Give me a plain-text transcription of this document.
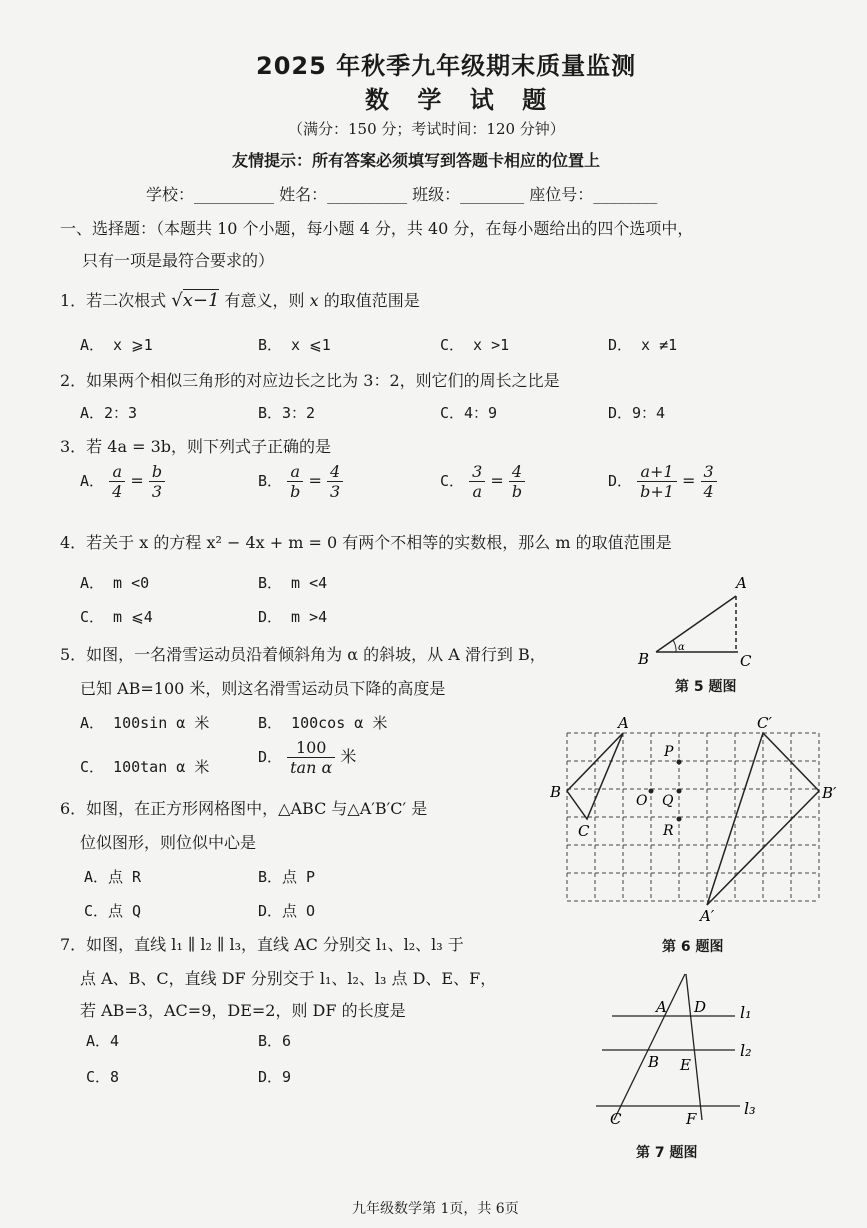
2025 年秋季九年级期末质量监测
数 学 试 题
（满分：150 分；考试时间：120 分钟）
友情提示：所有答案必须填写到答题卡相应的位置上
学校：__________ 姓名：__________ 班级：________ 座位号：________
一、选择题：（本题共 10 个小题，每小题 4 分，共 40 分，在每小题给出的四个选项中，
只有一项是最符合要求的）
1．若二次根式 √x−1 有意义，则 x 的取值范围是
A． x ⩾1	B． x ⩽1	C． x >1	D． x ≠1
2．如果两个相似三角形的对应边长之比为 3：2，则它们的周长之比是
A．2：3	B．3：2	C．4：9	D．9：4
3．若 4a = 3b，则下列式子正确的是
A． $\frac{a}{4} = \frac{b}{3}$	B． $\frac{a}{b} = \frac{4}{3}$	C． $\frac{3}{a} = \frac{4}{b}$	D． $\frac{a+1}{b+1} = \frac{3}{4}$
4．若关于 x 的方程 x² − 4x + m = 0 有两个不相等的实数根，那么 m 的取值范围是
A． m <0	B． m <4
C． m ⩽4	D． m >4
A
B	C
α
第 5 题图
5．如图，一名滑雪运动员沿着倾斜角为 α 的斜坡，从 A 滑行到 B，
已知 AB=100 米，则这名滑雪运动员下降的高度是
A． 100sin α 米	B． 100cos α 米
C． 100tan α 米
D． $\frac{100}{\text{tan α}}$ 米
A
B
C
A′
B′
C′
P
O Q
R
第 6 题图
6．如图，在正方形网格图中，△ABC 与△A′B′C′ 是
位似图形，则位似中心是
A．点 R	B．点 P
C．点 Q	D．点 O
7．如图，直线 l₁ ∥ l₂ ∥ l₃，直线 AC 分别交 l₁、l₂、l₃ 于
点 A、B、C，直线 DF 分别交于 l₁、l₂、l₃ 点 D、E、F，
若 AB=3，AC=9，DE=2，则 DF 的长度是
A．4	B．6
C．8	D．9
A D
B E
C	F
l₁
l₂
l₃
第 7 题图
九年级数学第 1页，共 6页
